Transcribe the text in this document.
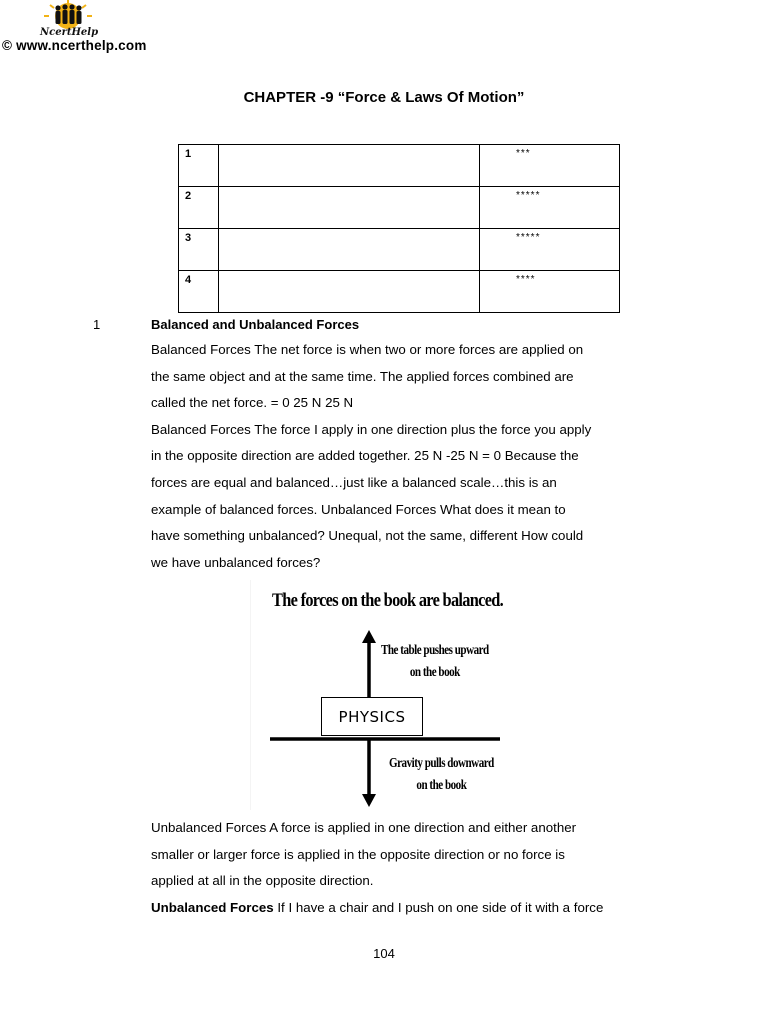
NcertHelp
© www.ncerthelp.com
CHAPTER -9 “Force & Laws Of Motion”
1		***
2		*****
3		*****
4		****
1	Balanced and Unbalanced Forces
Balanced Forces The net force is when two or more forces are applied on
the same object and at the same time. The applied forces combined are
called the net force. = 0 25 N 25 N
Balanced Forces The force I apply in one direction plus the force you apply
in the opposite direction are added together. 25 N -25 N = 0 Because the
forces are equal and balanced…just like a balanced scale…this is an
example of balanced forces. Unbalanced Forces What does it mean to
have something unbalanced? Unequal, not the same, different How could
we have unbalanced forces?
The forces on the book are balanced.
The table pushes upward
on the book
PHYSICS
Gravity pulls downward
on the book
Unbalanced Forces A force is applied in one direction and either another
smaller or larger force is applied in the opposite direction or no force is
applied at all in the opposite direction.
Unbalanced Forces If I have a chair and I push on one side of it with a force
104
